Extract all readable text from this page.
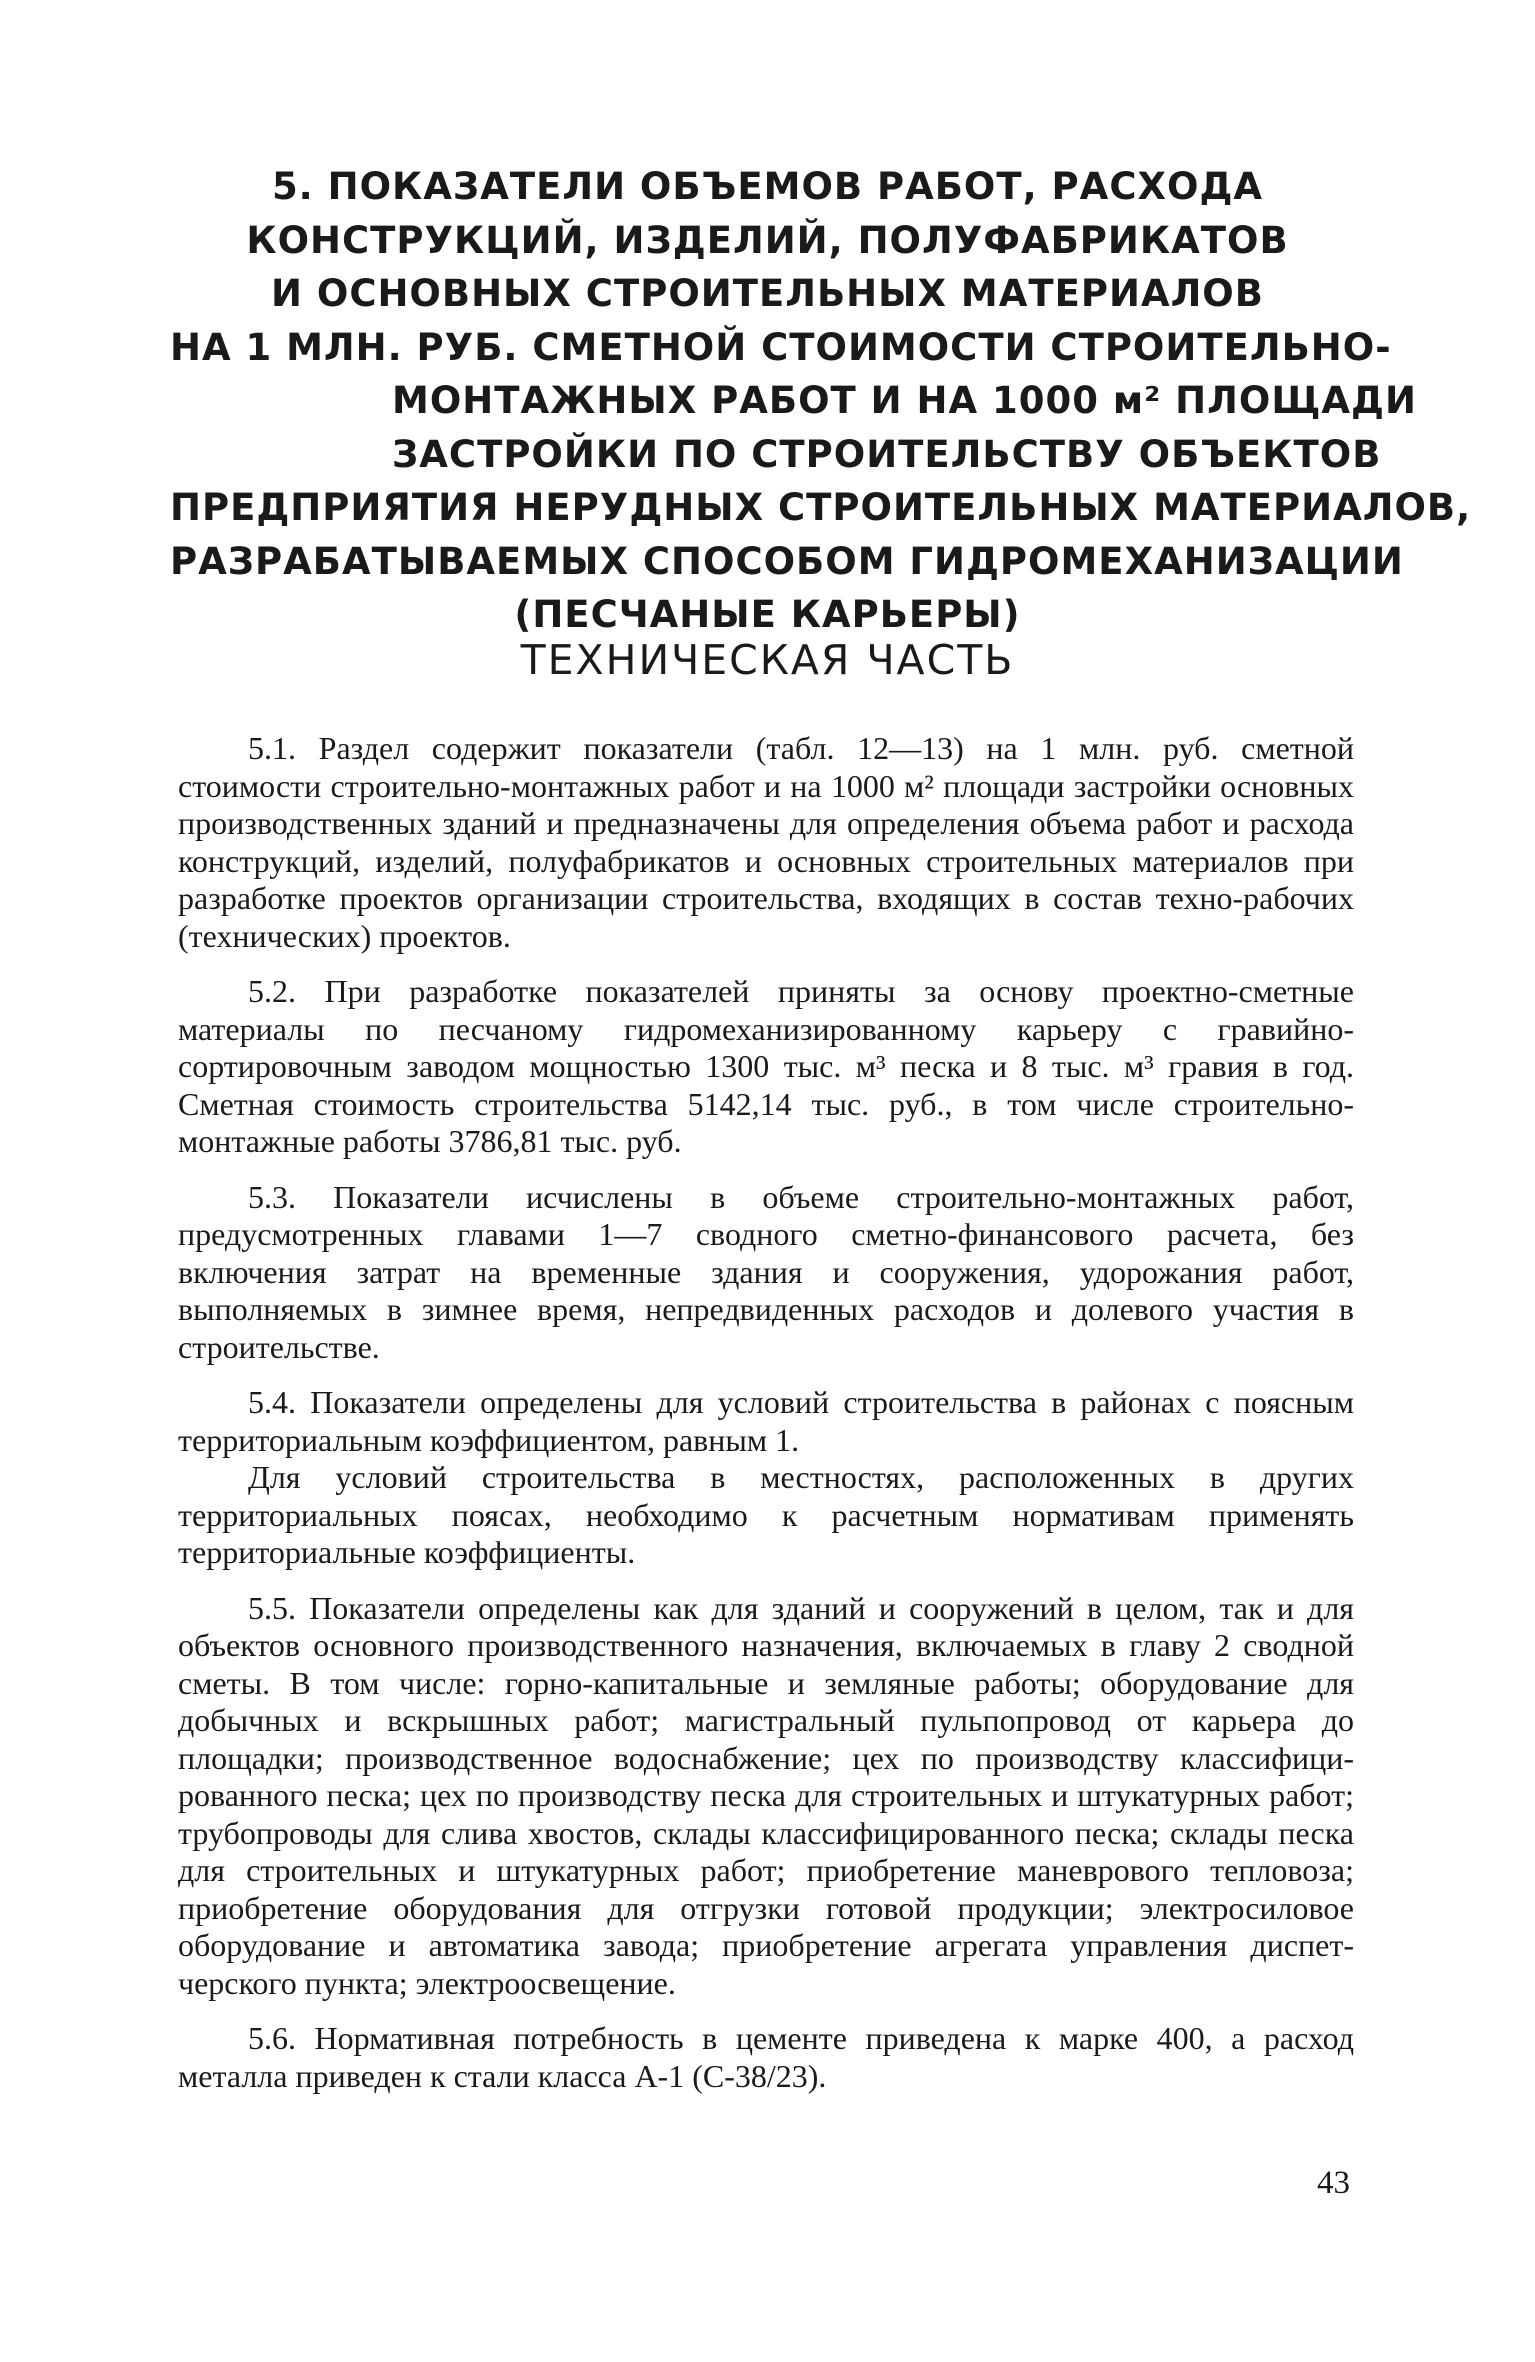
5. ПОКАЗАТЕЛИ ОБЪЕМОВ РАБОТ, РАСХОДА
КОНСТРУКЦИЙ, ИЗДЕЛИЙ, ПОЛУФАБРИКАТОВ
И ОСНОВНЫХ СТРОИТЕЛЬНЫХ МАТЕРИАЛОВ
НА 1 МЛН. РУБ. СМЕТНОЙ СТОИМОСТИ СТРОИТЕЛЬНО-
МОНТАЖНЫХ РАБОТ И НА 1000 м² ПЛОЩАДИ
ЗАСТРОЙКИ ПО СТРОИТЕЛЬСТВУ ОБЪЕКТОВ
ПРЕДПРИЯТИЯ НЕРУДНЫХ СТРОИТЕЛЬНЫХ МАТЕРИАЛОВ,
РАЗРАБАТЫВАЕМЫХ СПОСОБОМ ГИДРОМЕХАНИЗАЦИИ
(ПЕСЧАНЫЕ КАРЬЕРЫ)
ТЕХНИЧЕСКАЯ ЧАСТЬ

5.1. Раздел содержит показатели (табл. 12—13) на 1 млн. руб. сметной стоимости строительно-монтажных работ и на 1000 м² площади застройки основных производственных зданий и предназначены для определения объема работ и расхода конструкций, изделий, полуфабрикатов и основных строительных материалов при разработке проектов организации строительства, входящих в состав техно-рабочих (технических) проектов.

5.2. При разработке показателей приняты за основу проектно-сметные материалы по песчаному гидромеханизированному карьеру с гравийно-сортировочным заводом мощностью 1300 тыс. м³ песка и 8 тыс. м³ гравия в год. Сметная стоимость строительства 5142,14 тыс. руб., в том числе строительно-монтажные работы 3786,81 тыс. руб.

5.3. Показатели исчислены в объеме строительно-монтажных работ, предусмотренных главами 1—7 сводного сметно-финансового расчета, без включения затрат на временные здания и сооружения, удорожания работ, выполняемых в зимнее время, непредвиденных расходов и долевого участия в строительстве.

5.4. Показатели определены для условий строительства в районах с поясным территориальным коэффициентом, равным 1.

Для условий строительства в местностях, расположенных в других территориальных поясах, необходимо к расчетным нормативам применять территориальные коэффициенты.

5.5. Показатели определены как для зданий и сооружений в целом, так и для объектов основного производственного назначения, включаемых в главу 2 сводной сметы. В том числе: горно-капитальные и земляные работы; оборудование для добычных и вскрышных работ; магистральный пульпопровод от карьера до площадки; производственное водоснабжение; цех по производству классифицированного песка; цех по производству песка для строительных и штукатурных работ; трубопроводы для слива хвостов, склады классифицированного песка; склады песка для строительных и штукатурных работ; приобретение маневрового тепловоза; приобретение оборудования для отгрузки готовой продукции; электросиловое оборудование и автоматика завода; приобретение агрегата управления диспетчерского пункта; электроосвещение.

5.6. Нормативная потребность в цементе приведена к марке 400, а расход металла приведен к стали класса А-1 (С-38/23).

43
